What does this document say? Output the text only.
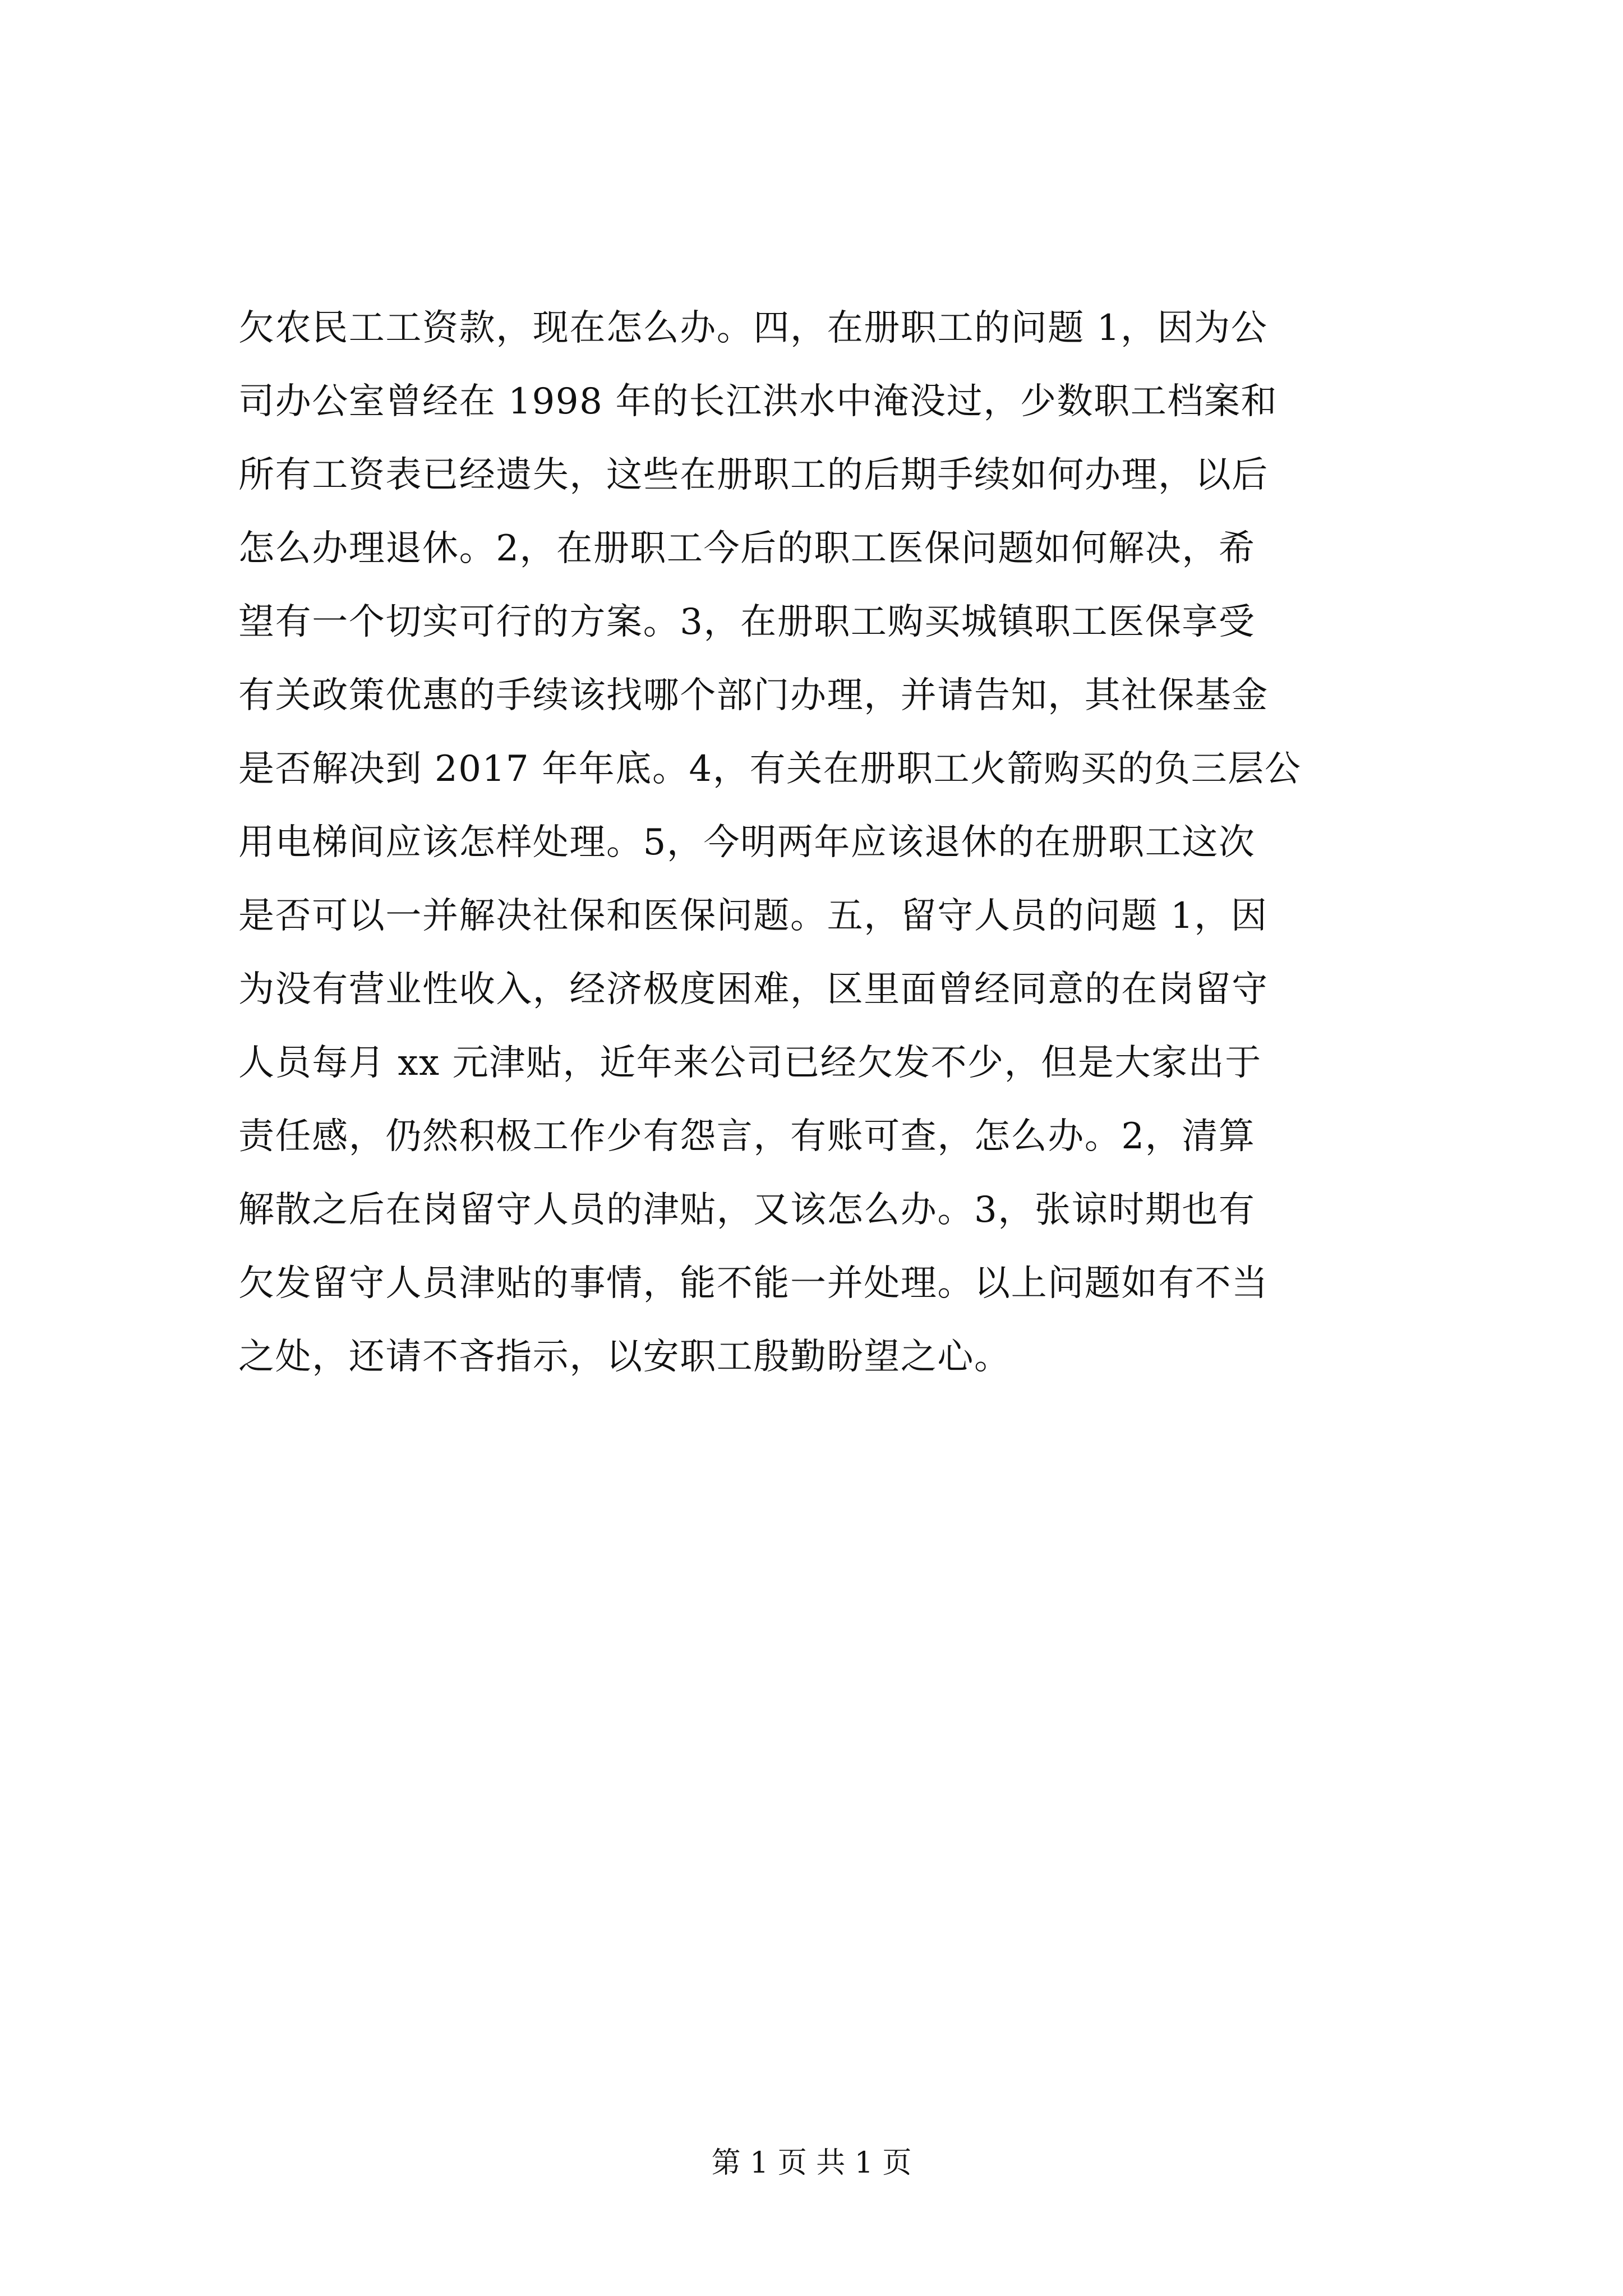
欠农民工工资款，现在怎么办。四，在册职工的问题 1，因为公
司办公室曾经在 1998 年的长江洪水中淹没过，少数职工档案和
所有工资表已经遗失，这些在册职工的后期手续如何办理，以后
怎么办理退休。2，在册职工今后的职工医保问题如何解决，希
望有一个切实可行的方案。3，在册职工购买城镇职工医保享受
有关政策优惠的手续该找哪个部门办理，并请告知，其社保基金
是否解决到 2017 年年底。4，有关在册职工火箭购买的负三层公
用电梯间应该怎样处理。5，今明两年应该退休的在册职工这次
是否可以一并解决社保和医保问题。五，留守人员的问题 1，因
为没有营业性收入，经济极度困难，区里面曾经同意的在岗留守
人员每月 xx 元津贴，近年来公司已经欠发不少，但是大家出于
责任感，仍然积极工作少有怨言，有账可查，怎么办。2，清算
解散之后在岗留守人员的津贴，又该怎么办。3，张谅时期也有
欠发留守人员津贴的事情，能不能一并处理。以上问题如有不当
之处，还请不吝指示，以安职工殷勤盼望之心。
第 1 页 共 1 页
